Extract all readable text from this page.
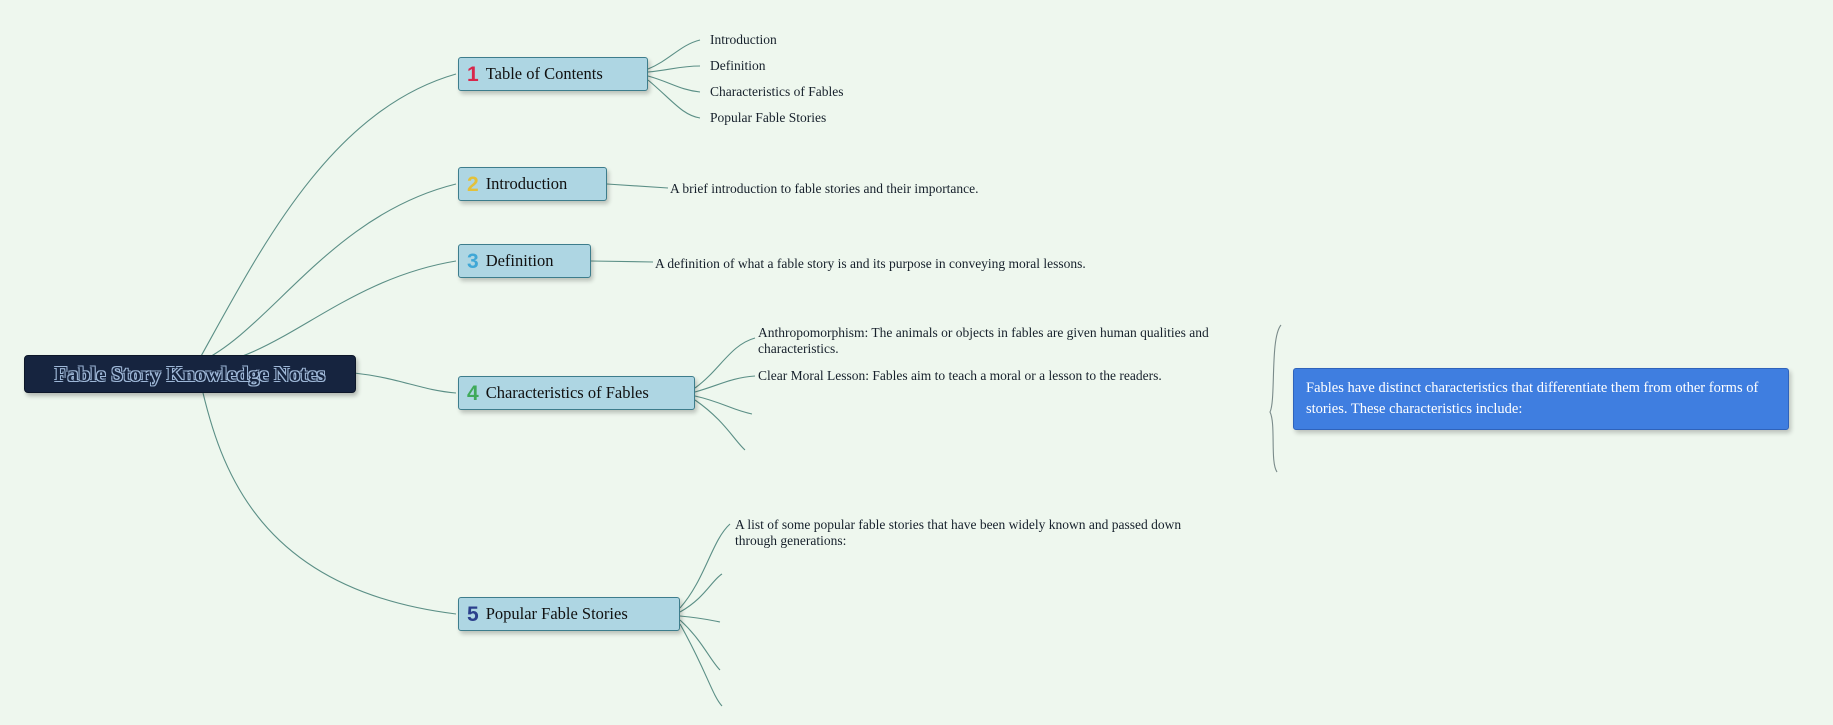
Fable Story Knowledge Notes
1 Table of Contents
Introduction
Definition
Characteristics of Fables
Popular Fable Stories
2 Introduction	A brief introduction to fable stories and their importance.
3 Definition	A definition of what a fable story is and its purpose in conveying moral lessons.
4 Characteristics of Fables
Anthropomorphism: The animals or objects in fables are given human qualities and characteristics.
Clear Moral Lesson: Fables aim to teach a moral or a lesson to the readers.
5 Popular Fable Stories
A list of some popular fable stories that have been widely known and passed down through generations:
Fables have distinct characteristics that differentiate them from other forms of stories. These characteristics include:
